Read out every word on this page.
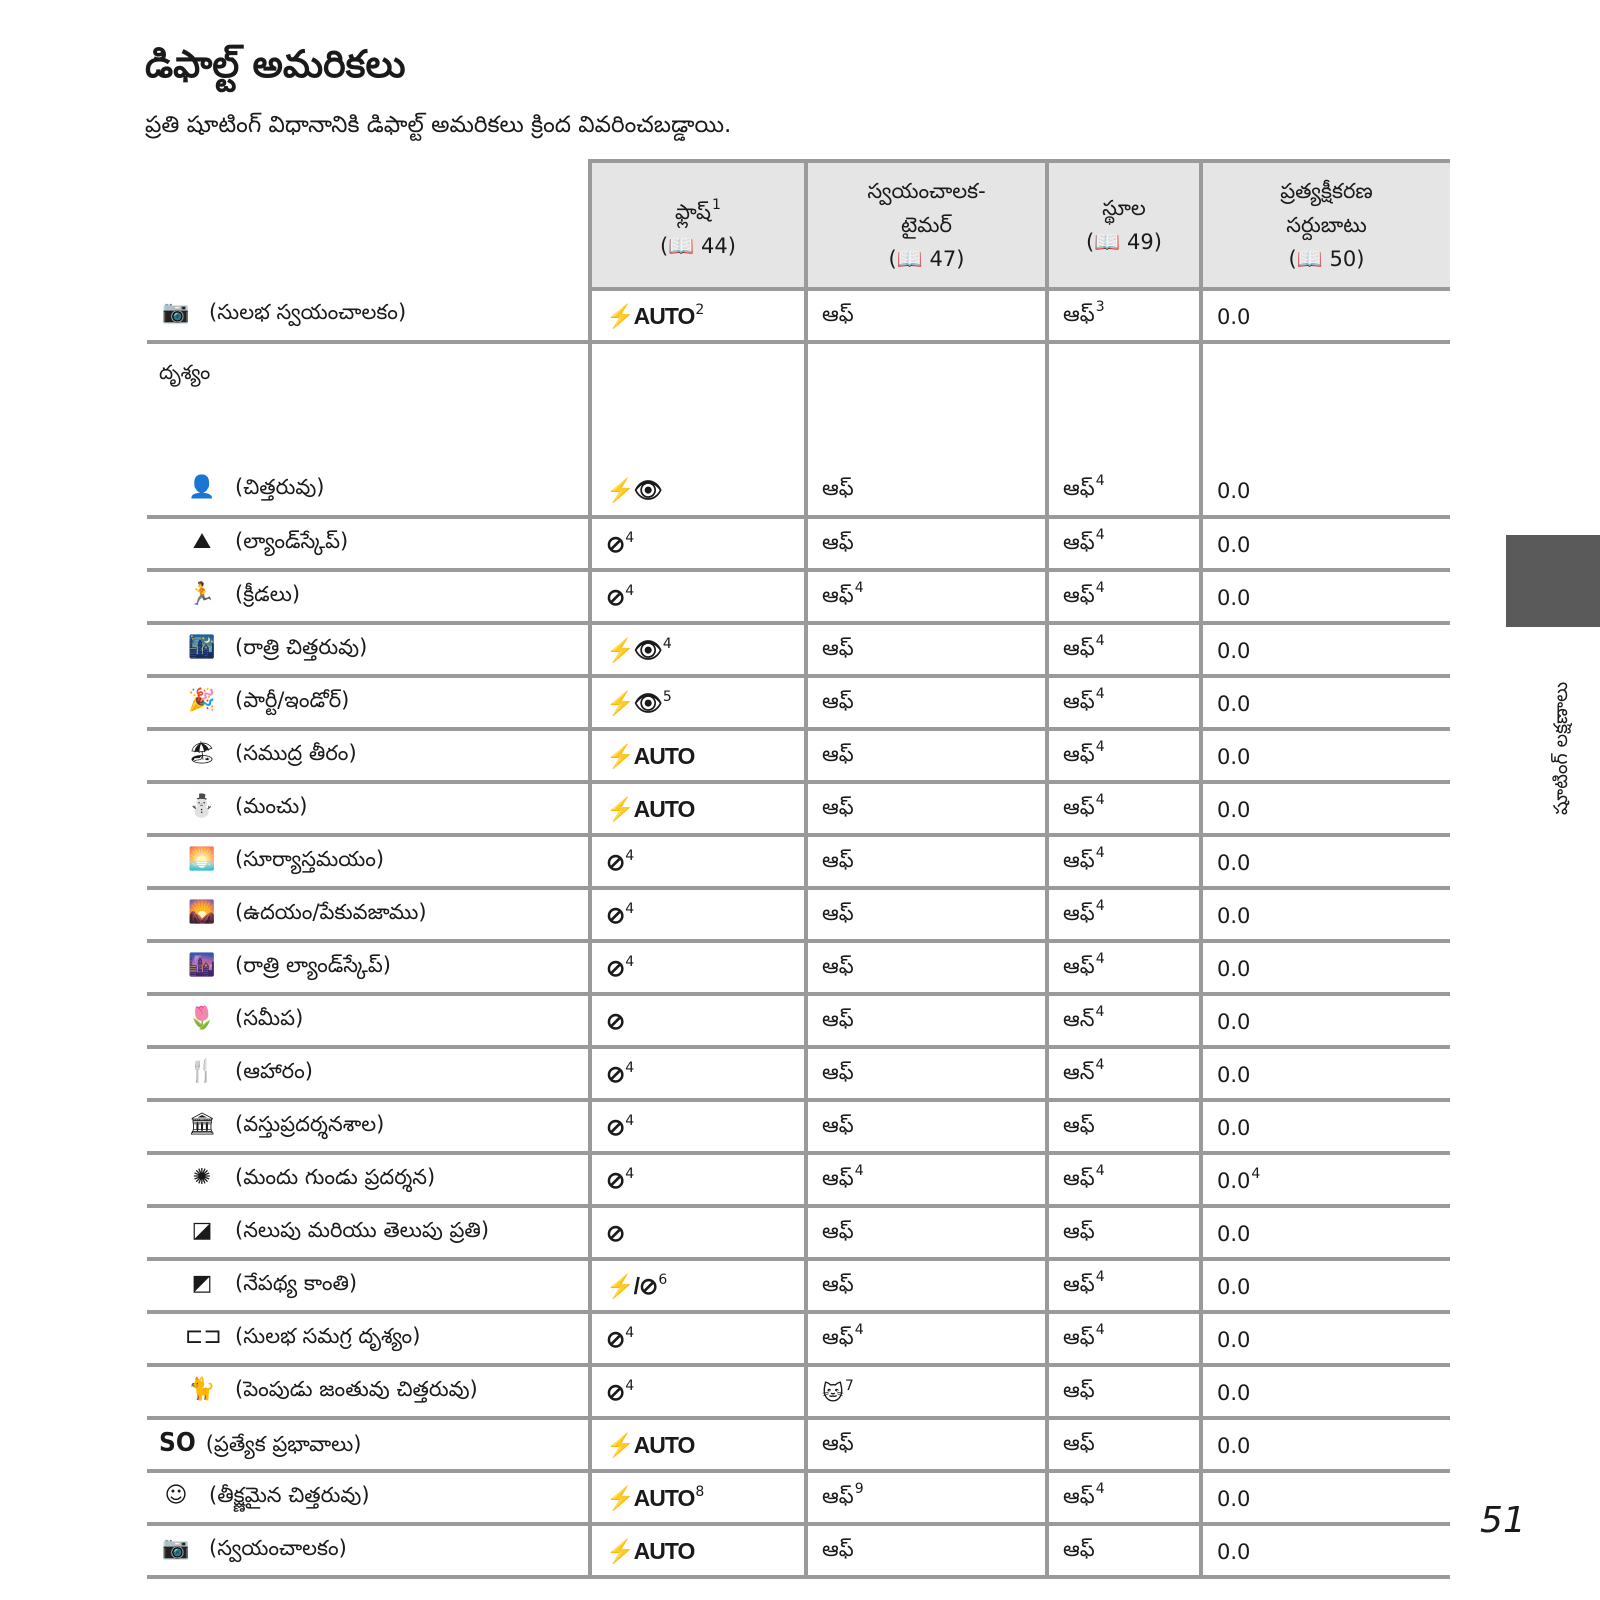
డిఫాల్ట్ అమరికలు

ప్రతి షూటింగ్ విధానానికి డిఫాల్ట్ అమరికలు క్రింద వివరించబడ్డాయి.

షూటింగ్ లక్షణాలు
51
	ఫ్లాష్$^1$
(📖 44)	స్వయంచాలక-
టైమర్
(📖 47)	స్థూల
(📖 49)	ప్రత్యక్షీకరణ
సర్దుబాటు
(📖 50)

📷 (సులభ స్వయంచాలకం)	⚡AUTO$^2$	ఆఫ్	ఆఫ్$^3$	0.0
దృశ్యం				
👤 (చిత్తరువు)	⚡👁	ఆఫ్	ఆఫ్$^4$	0.0
⛰ (ల్యాండ్‌స్కేప్)	⊘$^4$	ఆఫ్	ఆఫ్$^4$	0.0
🏃 (క్రీడలు)	⊘$^4$	ఆఫ్$^4$	ఆఫ్$^4$	0.0
🌃 (రాత్రి చిత్తరువు)	⚡👁$^4$	ఆఫ్	ఆఫ్$^4$	0.0
🎉 (పార్టీ/ఇండోర్)	⚡👁$^5$	ఆఫ్	ఆఫ్$^4$	0.0
🏖 (సముద్ర తీరం)	⚡AUTO	ఆఫ్	ఆఫ్$^4$	0.0
⛄ (మంచు)	⚡AUTO	ఆఫ్	ఆఫ్$^4$	0.0
🌅 (సూర్యాస్తమయం)	⊘$^4$	ఆఫ్	ఆఫ్$^4$	0.0
🌄 (ఉదయం/పేకువజాము)	⊘$^4$	ఆఫ్	ఆఫ్$^4$	0.0
🌆 (రాత్రి ల్యాండ్‌స్కేప్)	⊘$^4$	ఆఫ్	ఆఫ్$^4$	0.0
🌷 (సమీప)	⊘	ఆఫ్	ఆన్$^4$	0.0
🍴 (ఆహారం)	⊘$^4$	ఆఫ్	ఆన్$^4$	0.0
🏛 (వస్తుప్రదర్శనశాల)	⊘$^4$	ఆఫ్	ఆఫ్	0.0
✺ (మందు గుండు ప్రదర్శన)	⊘$^4$	ఆఫ్$^4$	ఆఫ్$^4$	$0.0^4$
◪ (నలుపు మరియు తెలుపు ప్రతి)	⊘	ఆఫ్	ఆఫ్	0.0
◩ (నేపథ్య కాంతి)	⚡/⊘$^6$	ఆఫ్	ఆఫ్$^4$	0.0
⊏⊐ (సులభ సమగ్ర దృశ్యం)	⊘$^4$	ఆఫ్$^4$	ఆఫ్$^4$	0.0
🐈 (పెంపుడు జంతువు చిత్తరువు)	⊘$^4$	🐱$^7$	ఆఫ్	0.0
SO (ప్రత్యేక ప్రభావాలు)	⚡AUTO	ఆఫ్	ఆఫ్	0.0
☺ (తీక్ష్ణమైన చిత్తరువు)	⚡AUTO$^8$	ఆఫ్$^9$	ఆఫ్$^4$	0.0
📷 (స్వయంచాలకం)	⚡AUTO	ఆఫ్	ఆఫ్	0.0
